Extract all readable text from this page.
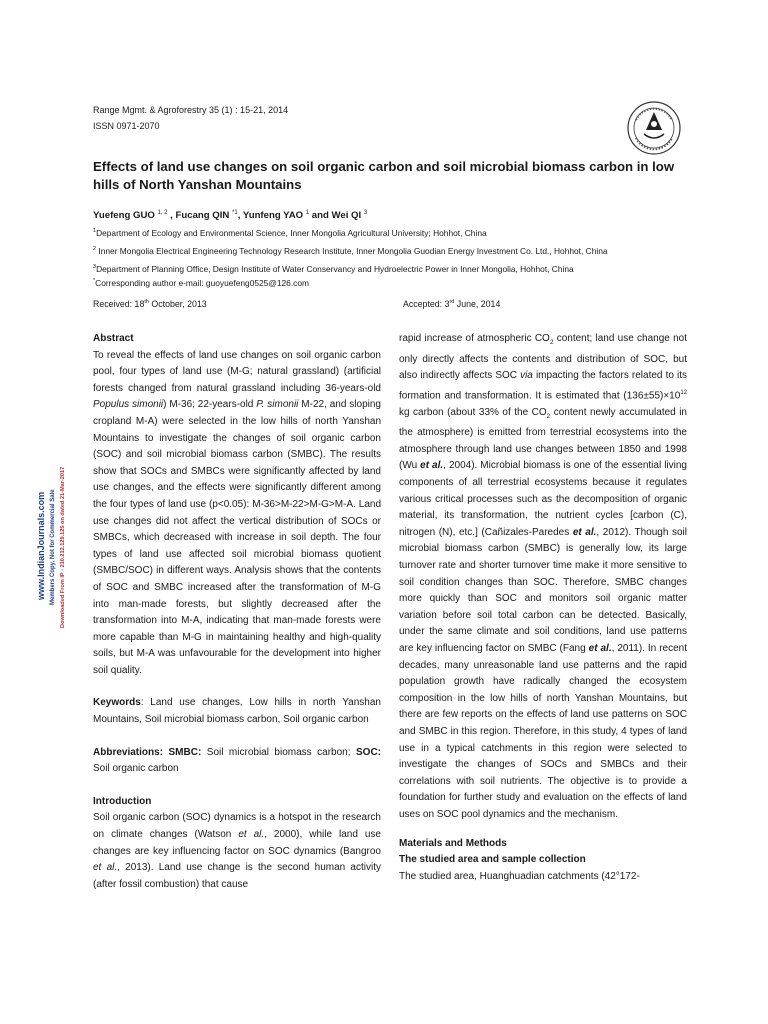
Range Mgmt. & Agroforestry 35 (1) : 15-21, 2014
ISSN 0971-2070
Effects of land use changes on soil organic carbon and soil microbial biomass carbon in low hills of North Yanshan Mountains
Yuefeng GUO $^{1, 2}$ , Fucang QIN $^{*1}$, Yunfeng YAO $^1$ and Wei QI $^3$

$^1$Department of Ecology and Environmental Science, Inner Mongolia Agricultural University; Hohhot, China

$^2$ Inner Mongolia Electrical Engineering Technology Research Institute, Inner Mongolia Guodian Energy Investment Co. Ltd., Hohhot, China

$^3$Department of Planning Office, Design Institute of Water Conservancy and Hydroelectric Power in Inner Mongolia, Hohhot, China

*Corresponding author e-mail: guoyuefeng0525@126.com

Received: 18th October, 2013	Accepted: 3rd June, 2014

Abstract

To reveal the effects of land use changes on soil organic carbon pool, four types of land use (M-G; natural grassland) (artificial forests changed from natural grassland including 36-years-old Populus simonii) M-36; 22-years-old P. simonii M-22, and sloping cropland M-A) were selected in the low hills of north Yanshan Mountains to investigate the changes of soil organic carbon (SOC) and soil microbial biomass carbon (SMBC). The results show that SOCs and SMBCs were significantly affected by land use changes, and the effects were significantly different among the four types of land use (p<0.05): M-36>M-22>M-G>M-A. Land use changes did not affect the vertical distribution of SOCs or SMBCs, which decreased with increase in soil depth. The four types of land use affected soil microbial biomass quotient (SMBC/SOC) in different ways. Analysis shows that the contents of SOC and SMBC increased after the transformation of M-G into man-made forests, but slightly decreased after the transformation into M-A, indicating that man-made forests were more capable than M-G in maintaining healthy and high-quality soils, but M-A was unfavourable for the development into higher soil quality.

Keywords: Land use changes, Low hills in north Yanshan Mountains, Soil microbial biomass carbon, Soil organic carbon

Abbreviations: SMBC: Soil microbial biomass carbon; SOC: Soil organic carbon

Introduction

Soil organic carbon (SOC) dynamics is a hotspot in the research on climate changes (Watson et al., 2000), while land use changes are key influencing factor on SOC dynamics (Bangroo et al., 2013). Land use change is the second human activity (after fossil combustion) that cause

rapid increase of atmospheric $CO_2$ content; land use change not only directly affects the contents and distribution of SOC, but also indirectly affects SOC via impacting the factors related to its formation and transformation. It is estimated that $(136\pm 55)\times 10^{12}$ kg carbon (about 33% of the $CO_2$ content newly accumulated in the atmosphere) is emitted from terrestrial ecosystems into the atmosphere through land use changes between 1850 and 1998 (Wu et al., 2004). Microbial biomass is one of the essential living components of all terrestrial ecosystems because it regulates various critical processes such as the decomposition of organic material, its transformation, the nutrient cycles [carbon (C), nitrogen (N), etc.] (Cañizales-Paredes et al., 2012). Though soil microbial biomass carbon (SMBC) is generally low, its large turnover rate and shorter turnover time make it more sensitive to soil condition changes than SOC. Therefore, SMBC changes more quickly than SOC and monitors soil organic matter variation before soil total carbon can be detected. Basically, under the same climate and soil conditions, land use patterns are key influencing factor on SMBC (Fang et al., 2011). In recent decades, many unreasonable land use patterns and the rapid population growth have radically changed the ecosystem composition in the low hills of north Yanshan Mountains, but there are few reports on the effects of land use patterns on SOC and SMBC in this region. Therefore, in this study, 4 types of land use in a typical catchments in this region were selected to investigate the changes of SOCs and SMBCs and their correlations with soil nutrients. The objective is to provide a foundation for further study and evaluation on the effects of land uses on SOC pool dynamics and the mechanism.

Materials and Methods

The studied area and sample collection

The studied area, Huanghuadian catchments (42°172-

www.IndianJournals.com Members Copy, Not for Commercial Sale Downloaded From IP - 210.212.129.125 on dated 21-Mar-2017
